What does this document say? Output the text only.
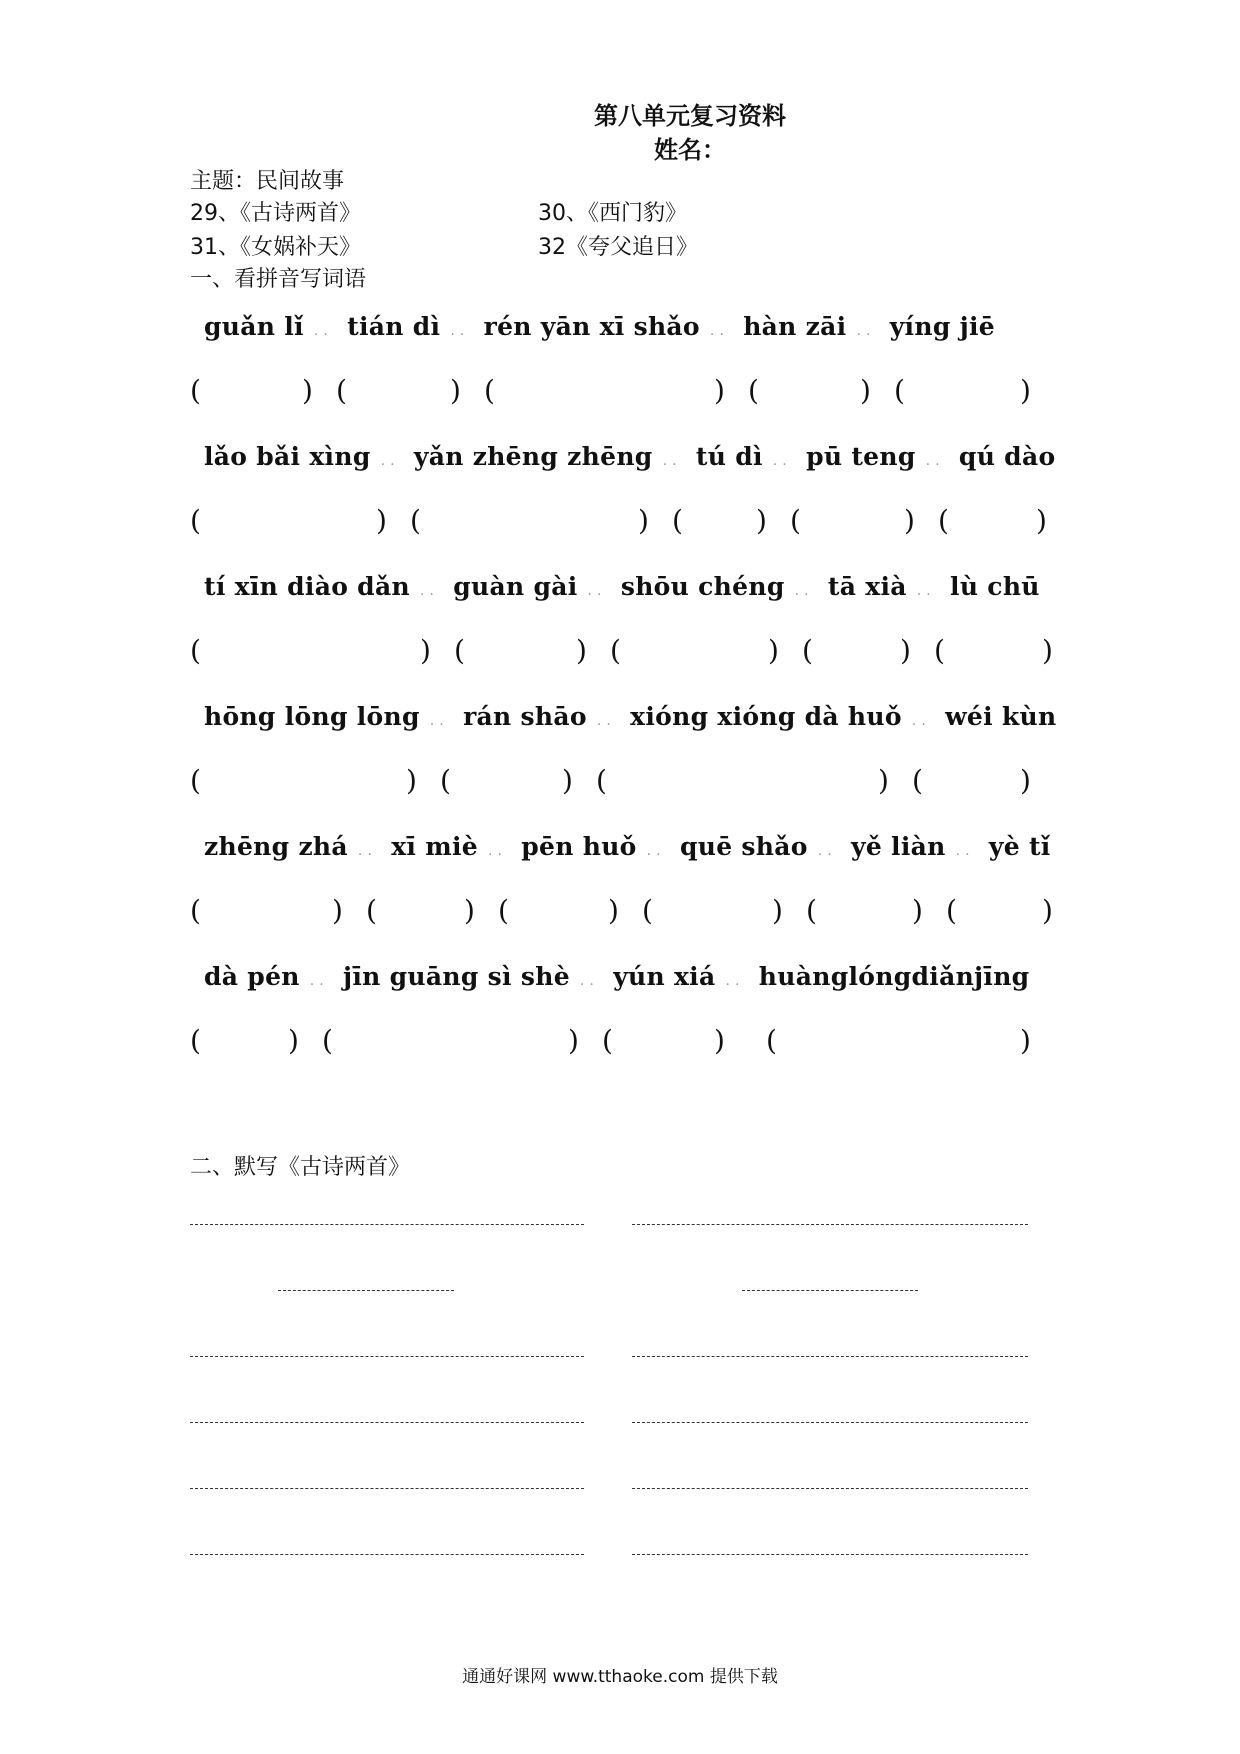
第八单元复习资料
姓名：
主题：民间故事
29、《古诗两首》	30、《西门豹》
31、《女娲补天》	32《夸父追日》
一、看拼音写词语
guǎn lǐ . . tián dì . . rén yān xī shǎo . . hàn zāi . . yíng jiē
(	) (	) (	) (	) (	)
lǎo bǎi xìng . . yǎn zhēng zhēng . . tú dì . . pū teng . . qú dào
(	) (	) (	) (	) (	)
tí xīn diào dǎn . . guàn gài . . shōu chéng . . tā xià . . lù chū
(	) (	) (	) (	) (	)
hōng lōng lōng . . rán shāo . . xióng xióng dà huǒ . . wéi kùn
(	) (	) (	) (	)
zhēng zhá . . xī miè . . pēn huǒ . . quē shǎo . . yě liàn . . yè tǐ
(	) (	) (	) (	) (	) (	)
dà pén . . jīn guāng sì shè . . yún xiá . . huànglóngdiǎnjīng
(	) (	) (	) (	)
二、默写《古诗两首》
通通好课网 www.tthaoke.com 提供下载
